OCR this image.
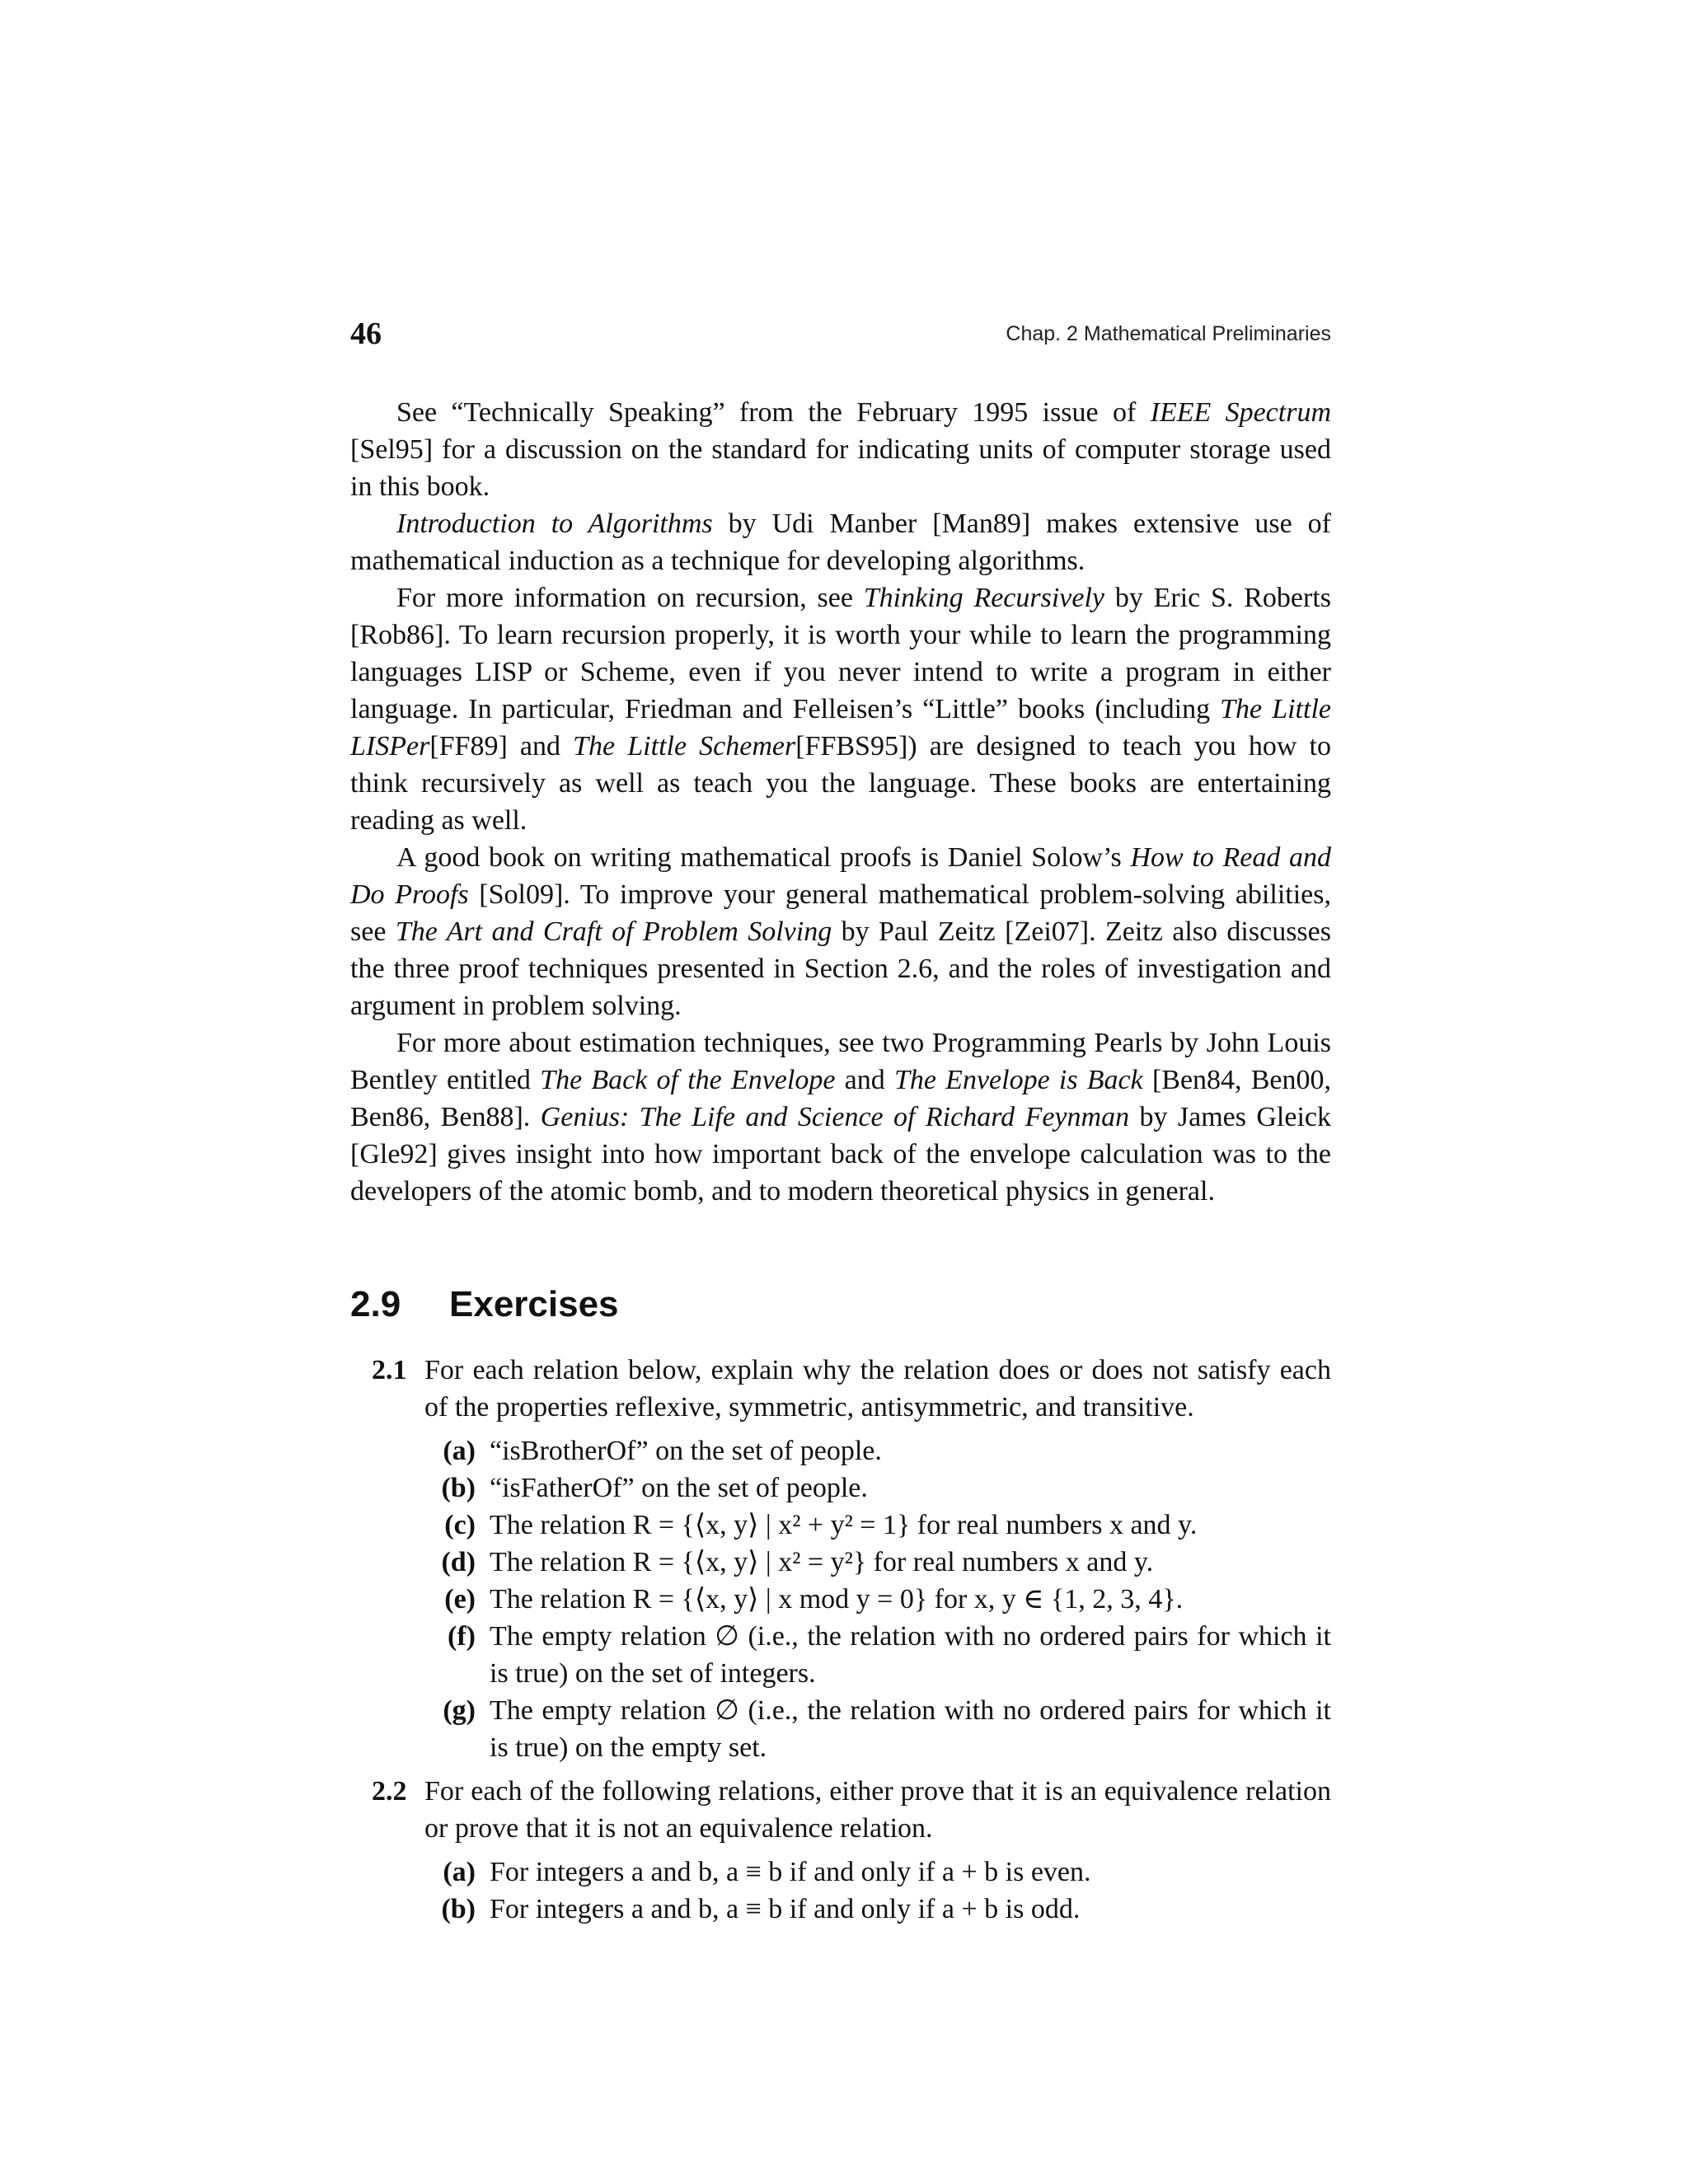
46	Chap. 2 Mathematical Preliminaries

See “Technically Speaking” from the February 1995 issue of IEEE Spectrum [Sel95] for a discussion on the standard for indicating units of computer storage used in this book.

Introduction to Algorithms by Udi Manber [Man89] makes extensive use of mathematical induction as a technique for developing algorithms.

For more information on recursion, see Thinking Recursively by Eric S. Roberts [Rob86]. To learn recursion properly, it is worth your while to learn the programming languages LISP or Scheme, even if you never intend to write a program in either language. In particular, Friedman and Felleisen’s “Little” books (including The Little LISPer[FF89] and The Little Schemer[FFBS95]) are designed to teach you how to think recursively as well as teach you the language. These books are entertaining reading as well.

A good book on writing mathematical proofs is Daniel Solow’s How to Read and Do Proofs [Sol09]. To improve your general mathematical problem-solving abilities, see The Art and Craft of Problem Solving by Paul Zeitz [Zei07]. Zeitz also discusses the three proof techniques presented in Section 2.6, and the roles of investigation and argument in problem solving.

For more about estimation techniques, see two Programming Pearls by John Louis Bentley entitled The Back of the Envelope and The Envelope is Back [Ben84, Ben00, Ben86, Ben88]. Genius: The Life and Science of Richard Feynman by James Gleick [Gle92] gives insight into how important back of the envelope calculation was to the developers of the atomic bomb, and to modern theoretical physics in general.

2.9 Exercises
2.1 For each relation below, explain why the relation does or does not satisfy each of the properties reflexive, symmetric, antisymmetric, and transitive.
(a) “isBrotherOf” on the set of people.
(b) “isFatherOf” on the set of people.
(c) The relation R = {⟨x, y⟩ | x² + y² = 1} for real numbers x and y.
(d) The relation R = {⟨x, y⟩ | x² = y²} for real numbers x and y.
(e) The relation R = {⟨x, y⟩ | x mod y = 0} for x, y ∈ {1, 2, 3, 4}.
(f) The empty relation ∅ (i.e., the relation with no ordered pairs for which it is true) on the set of integers.
(g) The empty relation ∅ (i.e., the relation with no ordered pairs for which it is true) on the empty set.
2.2 For each of the following relations, either prove that it is an equivalence relation or prove that it is not an equivalence relation.
(a) For integers a and b, a ≡ b if and only if a + b is even.
(b) For integers a and b, a ≡ b if and only if a + b is odd.
